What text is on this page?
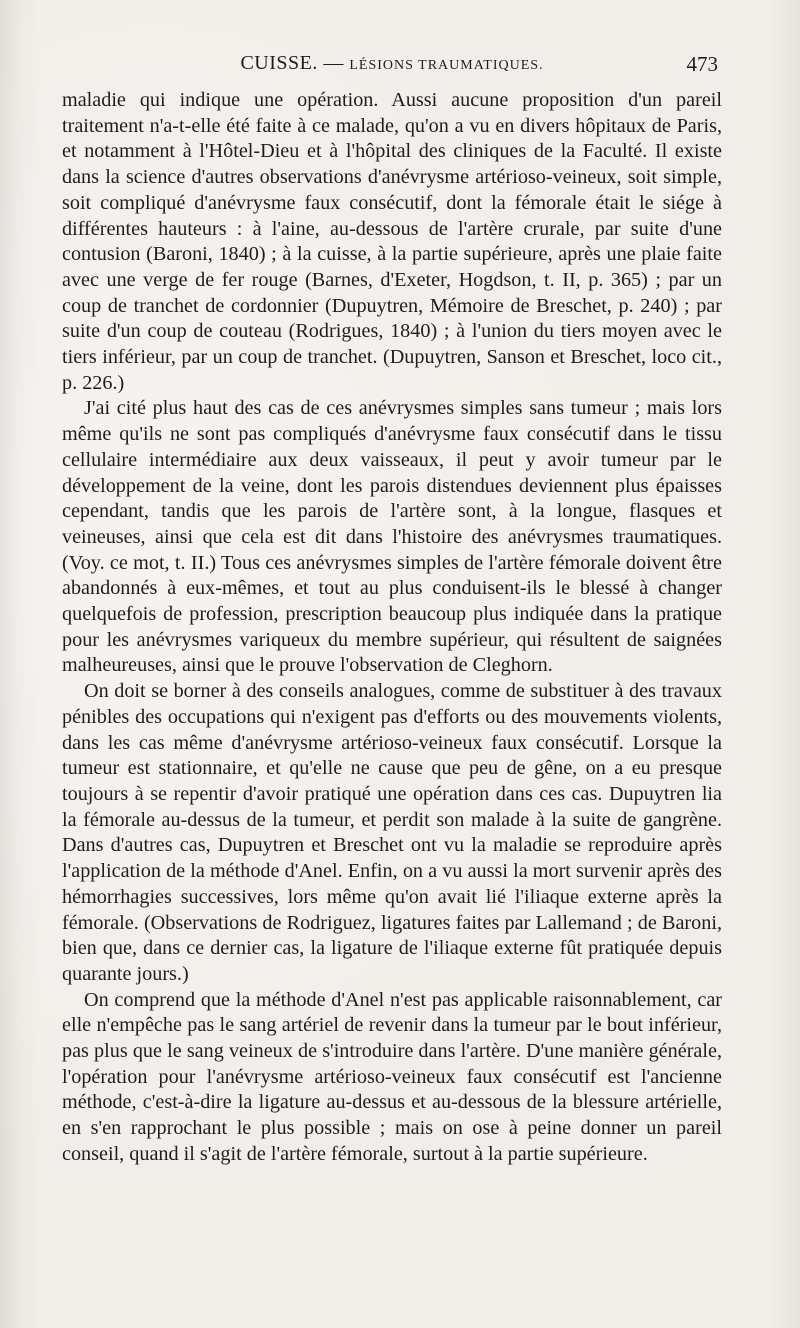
CUISSE. — LÉSIONS TRAUMATIQUES.	473

maladie qui indique une opération. Aussi aucune proposition d'un pareil traitement n'a-t-elle été faite à ce malade, qu'on a vu en divers hôpitaux de Paris, et notamment à l'Hôtel-Dieu et à l'hôpital des cliniques de la Faculté. Il existe dans la science d'autres observations d'anévrysme artérioso-veineux, soit simple, soit compliqué d'anévrysme faux consécutif, dont la fémorale était le siége à différentes hauteurs : à l'aine, au-dessous de l'artère crurale, par suite d'une contusion (Baroni, 1840) ; à la cuisse, à la partie supérieure, après une plaie faite avec une verge de fer rouge (Barnes, d'Exeter, Hogdson, t. II, p. 365) ; par un coup de tranchet de cordonnier (Dupuytren, Mémoire de Breschet, p. 240) ; par suite d'un coup de couteau (Rodrigues, 1840) ; à l'union du tiers moyen avec le tiers inférieur, par un coup de tranchet. (Dupuytren, Sanson et Breschet, loco cit., p. 226.)

J'ai cité plus haut des cas de ces anévrysmes simples sans tumeur ; mais lors même qu'ils ne sont pas compliqués d'anévrysme faux consécutif dans le tissu cellulaire intermédiaire aux deux vaisseaux, il peut y avoir tumeur par le développement de la veine, dont les parois distendues deviennent plus épaisses cependant, tandis que les parois de l'artère sont, à la longue, flasques et veineuses, ainsi que cela est dit dans l'histoire des anévrysmes traumatiques. (Voy. ce mot, t. II.) Tous ces anévrysmes simples de l'artère fémorale doivent être abandonnés à eux-mêmes, et tout au plus conduisent-ils le blessé à changer quelquefois de profession, prescription beaucoup plus indiquée dans la pratique pour les anévrysmes variqueux du membre supérieur, qui résultent de saignées malheureuses, ainsi que le prouve l'observation de Cleghorn.

On doit se borner à des conseils analogues, comme de substituer à des travaux pénibles des occupations qui n'exigent pas d'efforts ou des mouvements violents, dans les cas même d'anévrysme artérioso-veineux faux consécutif. Lorsque la tumeur est stationnaire, et qu'elle ne cause que peu de gêne, on a eu presque toujours à se repentir d'avoir pratiqué une opération dans ces cas. Dupuytren lia la fémorale au-dessus de la tumeur, et perdit son malade à la suite de gangrène. Dans d'autres cas, Dupuytren et Breschet ont vu la maladie se reproduire après l'application de la méthode d'Anel. Enfin, on a vu aussi la mort survenir après des hémorrhagies successives, lors même qu'on avait lié l'iliaque externe après la fémorale. (Observations de Rodriguez, ligatures faites par Lallemand ; de Baroni, bien que, dans ce dernier cas, la ligature de l'iliaque externe fût pratiquée depuis quarante jours.)

On comprend que la méthode d'Anel n'est pas applicable raisonnablement, car elle n'empêche pas le sang artériel de revenir dans la tumeur par le bout inférieur, pas plus que le sang veineux de s'introduire dans l'artère. D'une manière générale, l'opération pour l'anévrysme artérioso-veineux faux consécutif est l'ancienne méthode, c'est-à-dire la ligature au-dessus et au-dessous de la blessure artérielle, en s'en rapprochant le plus possible ; mais on ose à peine donner un pareil conseil, quand il s'agit de l'artère fémorale, surtout à la partie supérieure.
